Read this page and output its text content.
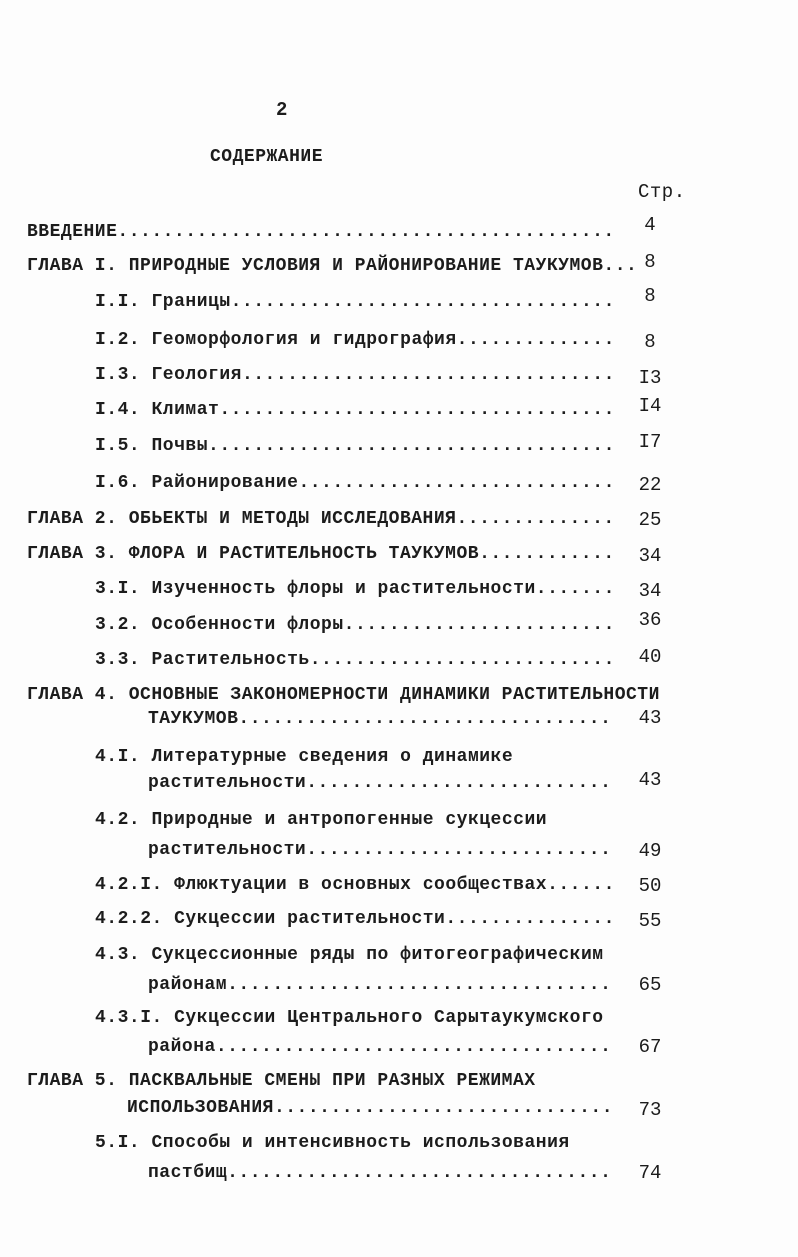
2
СОДЕРЖАНИЕ
Стр.
ВВЕДЕНИЕ .....	4
ГЛАВА I. ПРИРОДНЫЕ УСЛОВИЯ И РАЙОНИРОВАНИЕ ТАУКУМОВ... 8
I.I. Границы .....	8
I.2. Геоморфология и гидрография .....	8
I.3. Геология .....	I3
I.4. Климат .....	I4
I.5. Почвы .....	I7
I.6. Районирование .....	22
ГЛАВА 2. ОБЬЕКТЫ И МЕТОДЫ ИССЛЕДОВАНИЯ .....	25
ГЛАВА 3. ФЛОРА И РАСТИТЕЛЬНОСТЬ ТАУКУМОВ .....	34
3.I. Изученность флоры и растительности .....	34
3.2. Особенности флоры .....	36
3.3. Растительность .....	40
ГЛАВА 4. ОСНОВНЫЕ ЗАКОНОМЕРНОСТИ ДИНАМИКИ РАСТИТЕЛЬНОСТИ
ТАУКУМОВ .....	43
4.I. Литературные сведения о динамике
растительности .....	43
4.2. Природные и антропогенные сукцессии
растительности .....	49
4.2.I. Флюктуации в основных сообществах .....	50
4.2.2. Сукцессии растительности .....	55
4.3. Сукцессионные ряды по фитогеографическим
районам .....	65
4.3.I. Сукцессии Центрального Сарытаукумского
района .....	67
ГЛАВА 5. ПАСКВАЛЬНЫЕ СМЕНЫ ПРИ РАЗНЫХ РЕЖИМАХ
ИСПОЛЬЗОВАНИЯ .....	73
5.I. Способы и интенсивность использования
пастбищ .....	74
